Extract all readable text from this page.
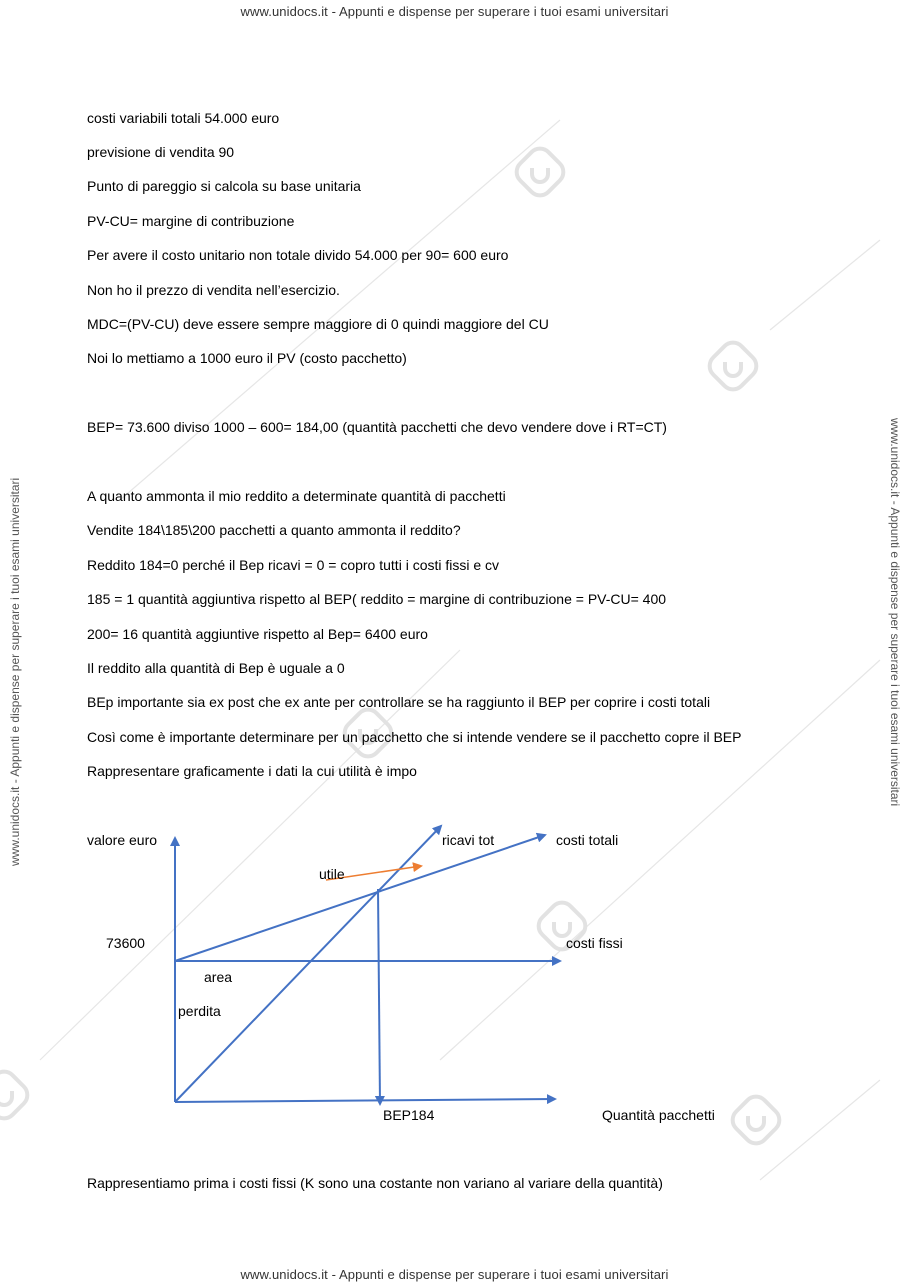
www.unidocs.it - Appunti e dispense per superare i tuoi esami universitari
www.unidocs.it - Appunti e dispense per superare i tuoi esami universitari
www.unidocs.it - Appunti e dispense per superare i tuoi esami universitari	www.unidocs.it - Appunti e dispense per superare i tuoi esami universitari
costi variabili totali 54.000 euro
previsione di vendita 90
Punto di pareggio si calcola su base unitaria
PV-CU= margine di contribuzione
Per avere il costo unitario non totale divido 54.000 per 90= 600 euro
Non ho il prezzo di vendita nell’esercizio.
MDC=(PV-CU) deve essere sempre maggiore di 0 quindi maggiore del CU
Noi lo mettiamo a 1000 euro il PV (costo pacchetto)
BEP= 73.600 diviso 1000 – 600= 184,00 (quantità pacchetti che devo vendere dove i RT=CT)
A quanto ammonta il mio reddito a determinate quantità di pacchetti
Vendite 184\185\200 pacchetti a quanto ammonta il reddito?
Reddito 184=0 perché il Bep ricavi = 0 = copro tutti i costi fissi e cv
185 = 1 quantità aggiuntiva rispetto al BEP( reddito = margine di contribuzione = PV-CU= 400
200= 16 quantità aggiuntive rispetto al Bep= 6400 euro
Il reddito alla quantità di Bep è uguale a 0
BEp importante sia ex post che ex ante per controllare se ha raggiunto il BEP per coprire i costi totali
Così come è importante determinare per un pacchetto che si intende vendere se il pacchetto copre il BEP
Rappresentare graficamente i dati la cui utilità è impo
valore euro	ricavi tot	costi totali
utile
73600	costi fissi
area
perdita
BEP184	Quantità pacchetti
Rappresentiamo prima i costi fissi (K sono una costante non variano al variare della quantità)
